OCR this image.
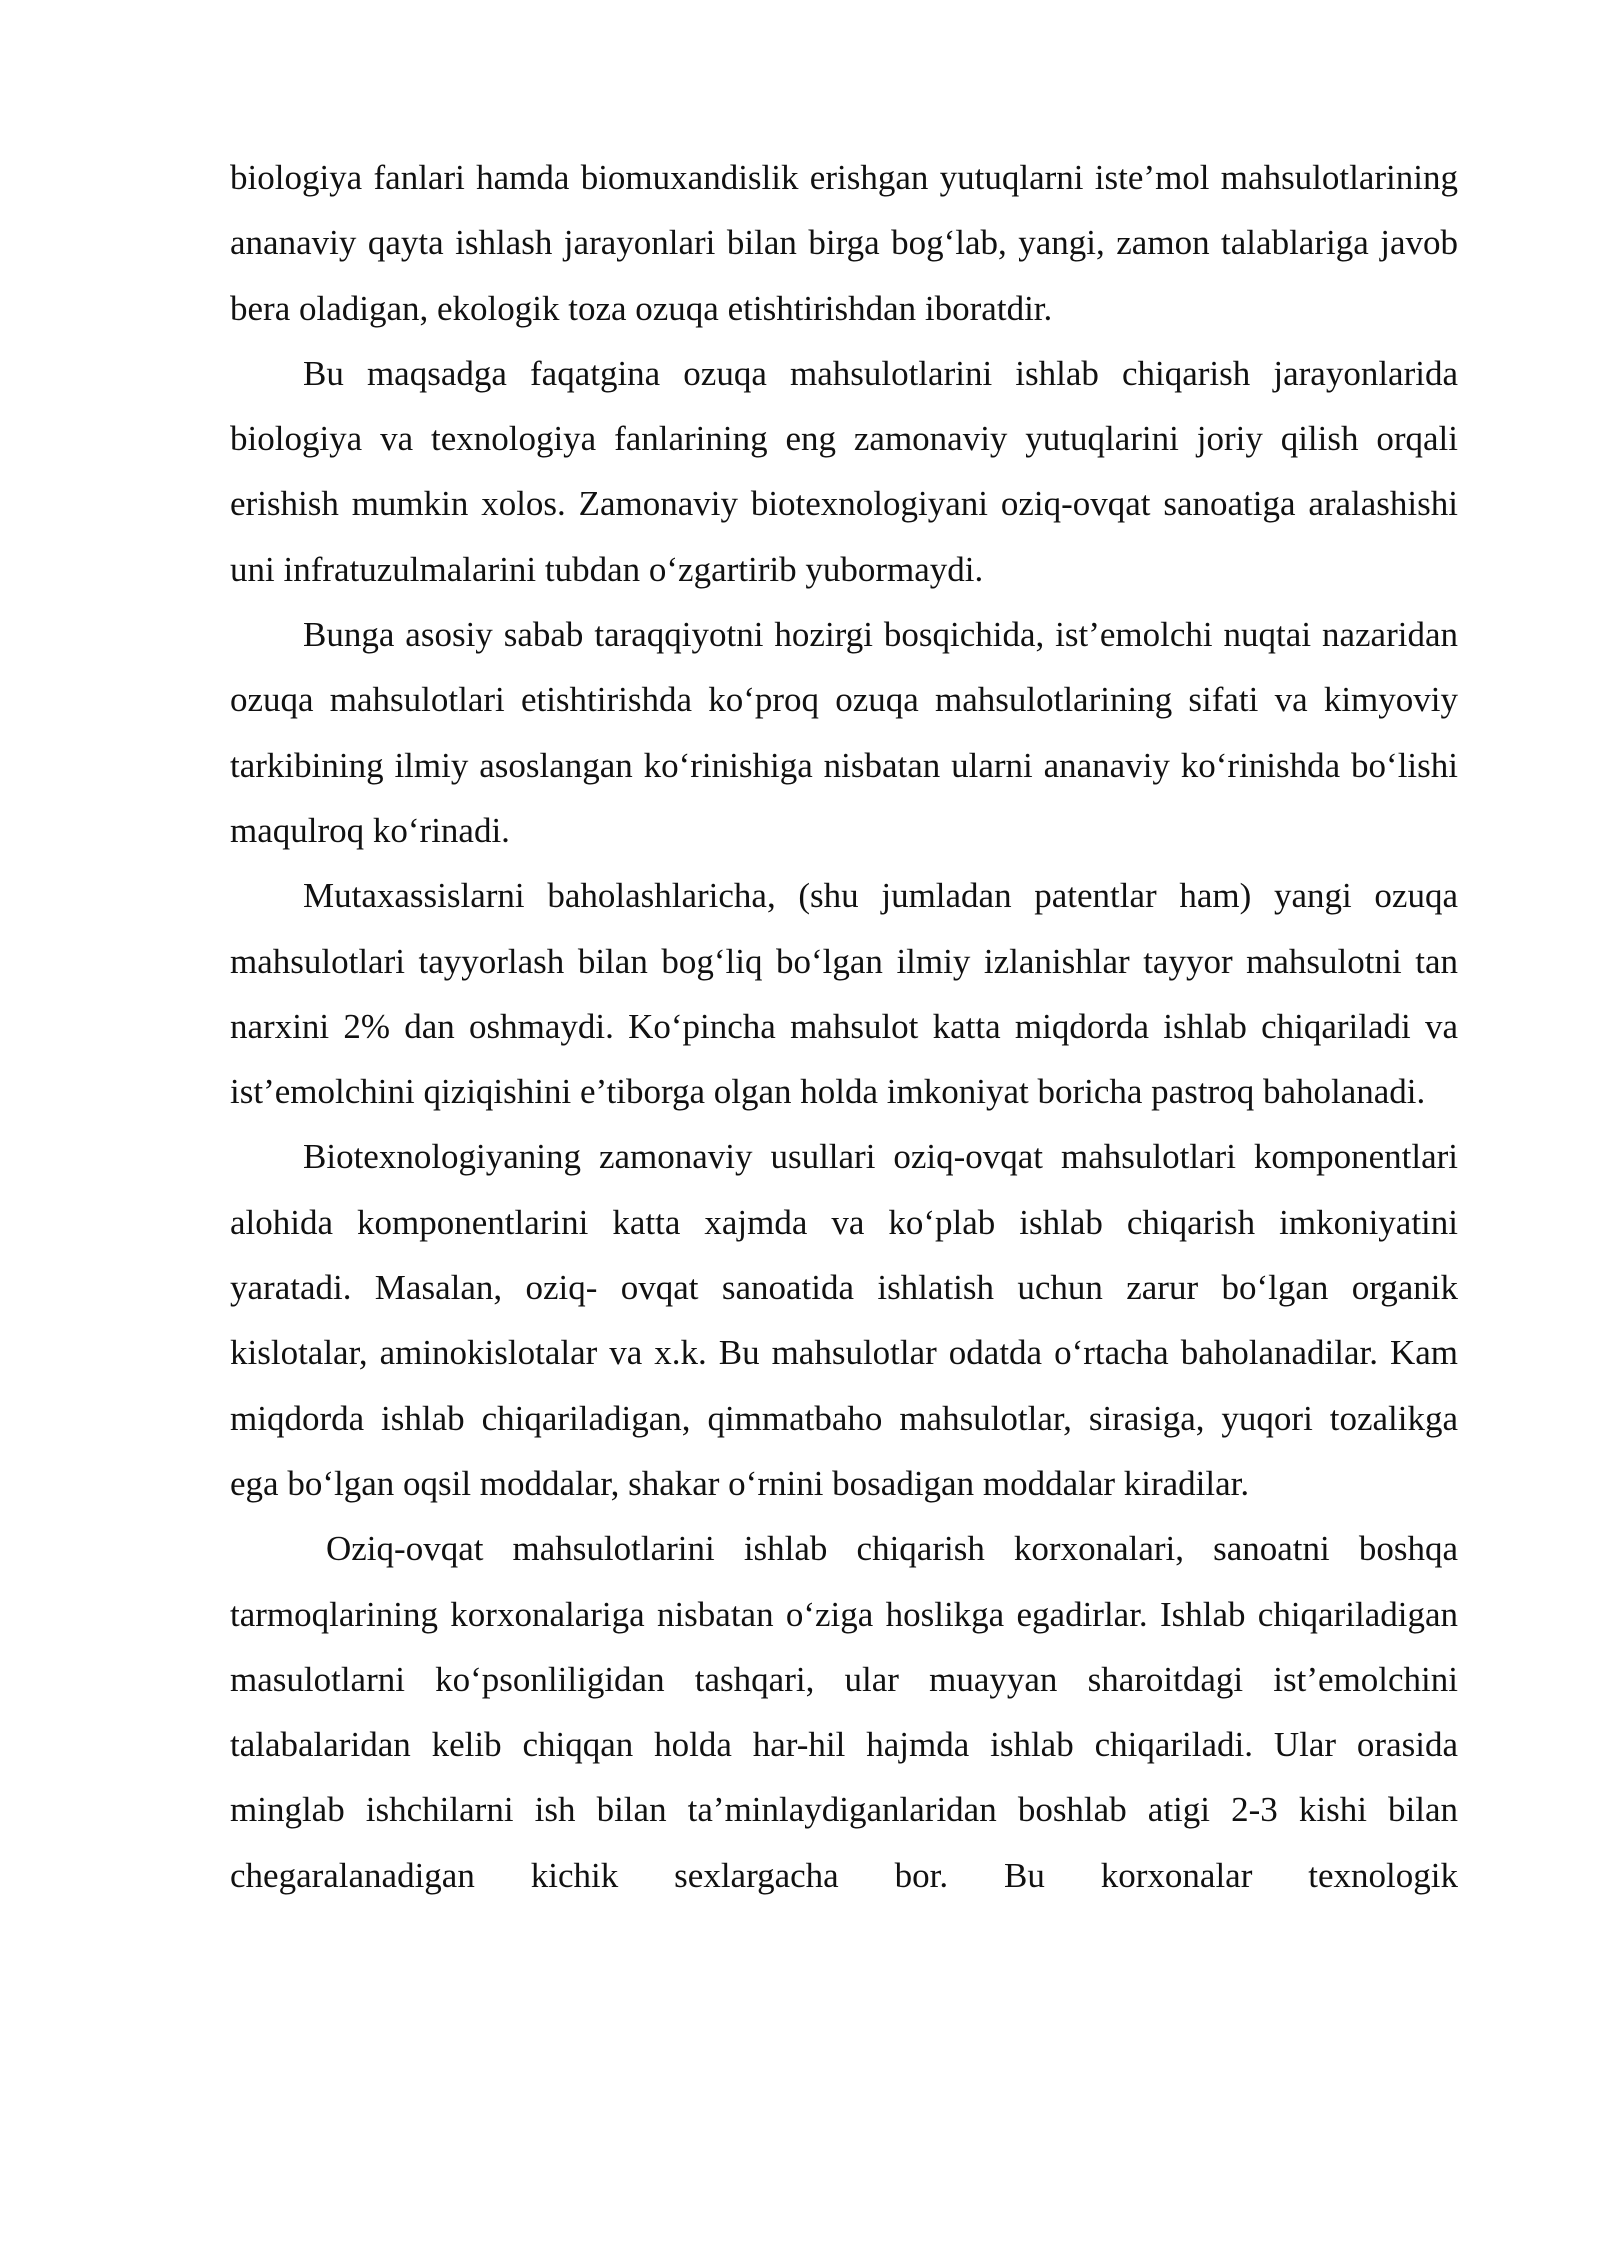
biologiya fanlari hamda biomuxandislik erishgan yutuqlarni iste’mol mahsulotlarining ananaviy qayta ishlash jarayonlari bilan birga bog‘lab, yangi, zamon talablariga javob bera oladigan, ekologik toza ozuqa etishtirishdan iboratdir.

Bu maqsadga faqatgina ozuqa mahsulotlarini ishlab chiqarish jarayonlarida biologiya va texnologiya fanlarining eng zamonaviy yutuqlarini joriy qilish orqali erishish mumkin xolos. Zamonaviy biotexnologiyani oziq-ovqat sanoatiga aralashishi uni infratuzulmalarini tubdan o‘zgartirib yubormaydi.

Bunga asosiy sabab taraqqiyotni hozirgi bosqichida, ist’emolchi nuqtai nazaridan ozuqa mahsulotlari etishtirishda ko‘proq ozuqa mahsulotlarining sifati va kimyoviy tarkibining ilmiy asoslangan ko‘rinishiga nisbatan ularni ananaviy ko‘rinishda bo‘lishi maqulroq ko‘rinadi.

Mutaxassislarni baholashlaricha, (shu jumladan patentlar ham) yangi ozuqa mahsulotlari tayyorlash bilan bog‘liq bo‘lgan ilmiy izlanishlar tayyor mahsulotni tan narxini 2% dan oshmaydi. Ko‘pincha mahsulot katta miqdorda ishlab chiqariladi va ist’emolchini qiziqishini e’tiborga olgan holda imkoniyat boricha pastroq baholanadi.

Biotexnologiyaning zamonaviy usullari oziq-ovqat mahsulotlari komponentlari alohida komponentlarini katta xajmda va ko‘plab ishlab chiqarish imkoniyatini yaratadi. Masalan, oziq- ovqat sanoatida ishlatish uchun zarur bo‘lgan organik kislotalar, aminokislotalar va x.k. Bu mahsulotlar odatda o‘rtacha baholanadilar. Kam miqdorda ishlab chiqariladigan, qimmatbaho mahsulotlar, sirasiga, yuqori tozalikga ega bo‘lgan oqsil moddalar, shakar o‘rnini bosadigan moddalar kiradilar.

Oziq-ovqat mahsulotlarini ishlab chiqarish korxonalari, sanoatni boshqa tarmoqlarining korxonalariga nisbatan o‘ziga hoslikga egadirlar. Ishlab chiqariladigan masulotlarni ko‘psonliligidan tashqari, ular muayyan sharoitdagi ist’emolchini talabalaridan kelib chiqqan holda har-hil hajmda ishlab chiqariladi. Ular orasida minglab ishchilarni ish bilan ta’minlaydiganlaridan boshlab atigi 2-3 kishi bilan chegaralanadigan kichik sexlargacha bor. Bu korxonalar texnologik
